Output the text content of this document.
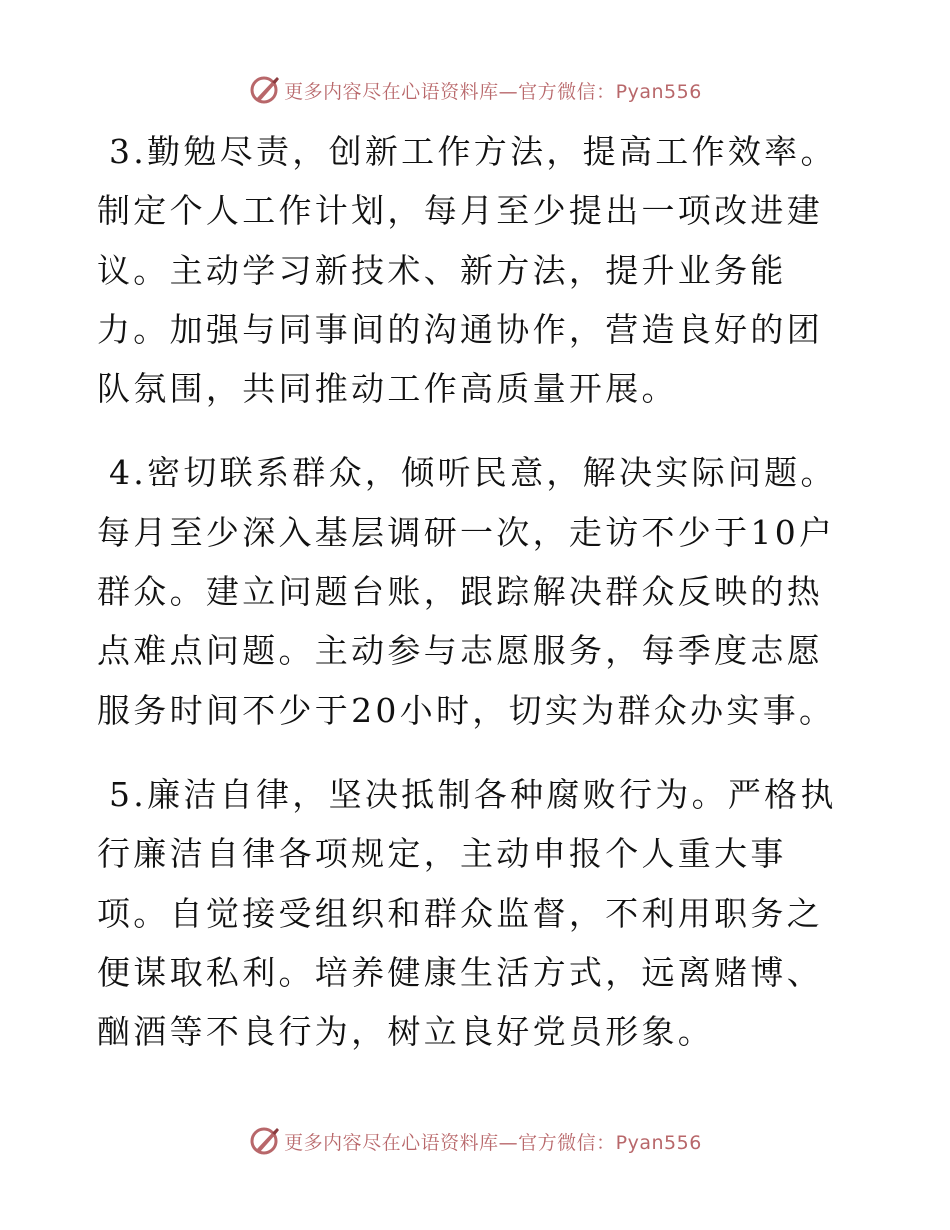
更多内容尽在心语资料库—官方微信：Pyan556

3.勤勉尽责，创新工作方法，提高工作效率。制定个人工作计划，每月至少提出一项改进建议。主动学习新技术、新方法，提升业务能力。加强与同事间的沟通协作，营造良好的团队氛围，共同推动工作高质量开展。

4.密切联系群众，倾听民意，解决实际问题。每月至少深入基层调研一次，走访不少于10户群众。建立问题台账，跟踪解决群众反映的热点难点问题。主动参与志愿服务，每季度志愿服务时间不少于20小时，切实为群众办实事。

5.廉洁自律，坚决抵制各种腐败行为。严格执行廉洁自律各项规定，主动申报个人重大事项。自觉接受组织和群众监督，不利用职务之便谋取私利。培养健康生活方式，远离赌博、酗酒等不良行为，树立良好党员形象。

更多内容尽在心语资料库—官方微信：Pyan556
